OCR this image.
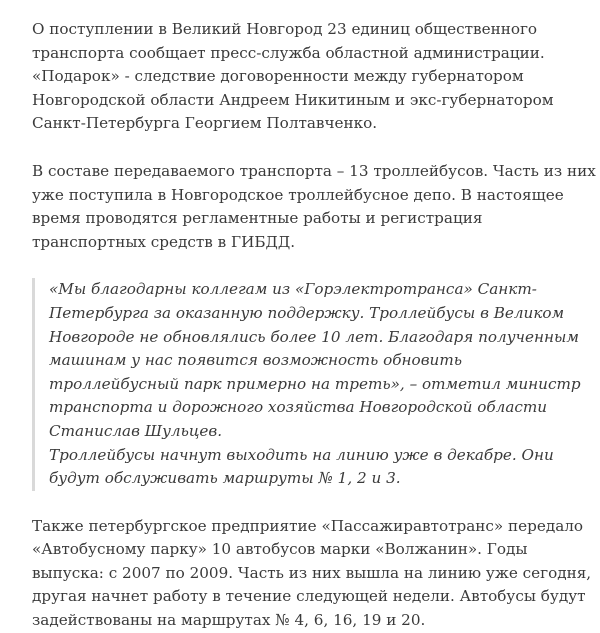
О поступлении в Великий Новгород 23 единиц общественного транспорта сообщает пресс-служба областной администрации. «Подарок» - следствие договоренности между губернатором Новгородской области Андреем Никитиным и экс-губернатором Санкт-Петербурга Георгием Полтавченко.

В составе передаваемого транспорта – 13 троллейбусов. Часть из них уже поступила в Новгородское троллейбусное депо. В настоящее время проводятся регламентные работы и регистрация транспортных средств в ГИБДД.

«Мы благодарны коллегам из «Горэлектротранса» Санкт-Петербурга за оказанную поддержку. Троллейбусы в Великом Новгороде не обновлялись более 10 лет. Благодаря полученным машинам у нас появится возможность обновить троллейбусный парк примерно на треть», – отметил министр транспорта и дорожного хозяйства Новгородской области Станислав Шульцев.

Троллейбусы начнут выходить на линию уже в декабре. Они будут обслуживать маршруты № 1, 2 и 3.

Также петербургское предприятие «Пассажиравтотранс» передало «Автобусному парку» 10 автобусов марки «Волжанин». Годы выпуска: с 2007 по 2009. Часть из них вышла на линию уже сегодня, другая начнет работу в течение следующей недели. Автобусы будут задействованы на маршрутах № 4, 6, 16, 19 и 20.
